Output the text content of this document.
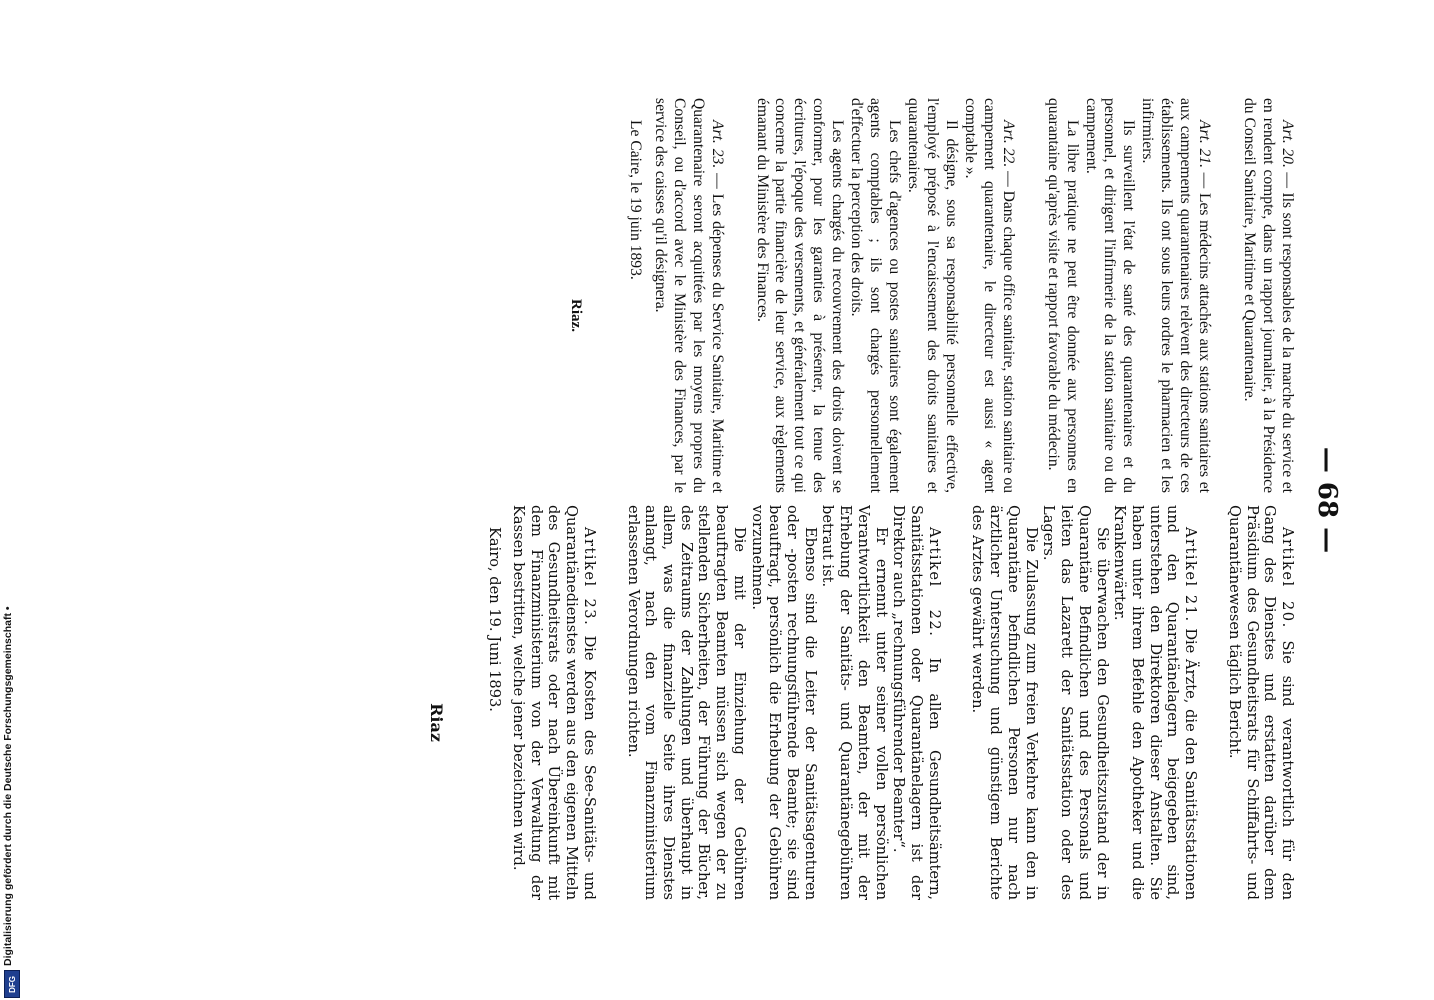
— 68 —

Artikel 20. Sie sind verantwortlich für den Gang des Dienstes und erstatten darüber dem Präsidium des Gesundheitsrats für Schiffahrts- und Quarantänewesen täglich Bericht.

Artikel 21. Die Ärzte, die den Sanitätsstationen und den Quarantänelagern beigegeben sind, unterstehen den Direktoren dieser Anstalten. Sie haben unter ihrem Befehle den Apotheker und die Krankenwärter.

Sie überwachen den Gesundheitszustand der in Quarantäne Befindlichen und des Personals und leiten das Lazarett der Sanitätsstation oder des Lagers.

Die Zulassung zum freien Verkehre kann den in Quarantäne befindlichen Personen nur nach ärztlicher Untersuchung und günstigem Berichte des Arztes gewährt werden.

Artikel 22. In allen Gesundheitsämtern, Sanitätsstationen oder Quarantänelagern ist der Direktor auch „rechnungsführender Beamter“.

Er ernennt unter seiner vollen persönlichen Verantwortlichkeit den Beamten, der mit der Erhebung der Sanitäts- und Quarantänegebühren betraut ist.

Ebenso sind die Leiter der Sanitätsagenturen oder -posten rechnungsführende Beamte; sie sind beauftragt, persönlich die Erhebung der Gebühren vorzunehmen.

Die mit der Einziehung der Gebühren beauftragten Beamten müssen sich wegen der zu stellenden Sicherheiten, der Führung der Bücher, des Zeitraums der Zahlungen und überhaupt in allem, was die finanzielle Seite ihres Dienstes anlangt, nach den vom Finanzministerium erlassenen Verordnungen richten.

Artikel 23. Die Kosten des See-Sanitäts- und Quarantänedienstes werden aus den eigenen Mitteln des Gesundheitsrats oder nach Übereinkunft mit dem Finanzministerium von der Verwaltung der Kassen bestritten, welche jener bezeichnen wird.

Kairo, den 19. Juni 1893.

Riaz

Art. 20. — Ils sont responsables de la marche du service et en rendent compte, dans un rapport journalier, à la Présidence du Conseil Sanitaire, Maritime et Quarantenaire.

Art. 21. — Les médecins attachés aux stations sanitaires et aux campements quarantenaires relèvent des directeurs de ces établissements. Ils ont sous leurs ordres le pharmacien et les infirmiers.

Ils surveillent l'état de santé des quarantenaires et du personnel, et dirigent l'infirmerie de la station sanitaire ou du campement.

La libre pratique ne peut être donnée aux personnes en quarantaine qu'après visite et rapport favorable du médecin.

Art. 22. — Dans chaque office sanitaire, station sanitaire ou campement quarantenaire, le directeur est aussi « agent comptable ».

Il désigne, sous sa responsabilité personnelle effective, l'employé préposé à l'encaissement des droits sanitaires et quarantenaires.

Les chefs d'agences ou postes sanitaires sont également agents comptables ; ils sont chargés personnellement d'effectuer la perception des droits.

Les agents chargés du recouvrement des droits doivent se conformer, pour les garanties à présenter, la tenue des écritures, l'époque des versements, et généralement tout ce qui concerne la partie financière de leur service, aux règlements émanant du Ministère des Finances.

Art. 23. — Les dépenses du Service Sanitaire, Maritime et Quarantenaire seront acquittées par les moyens propres du Conseil, ou d'accord avec le Ministère des Finances, par le service des caisses qu'il désignera.

Le Caire, le 19 juin 1893.

Riaz.
Digitalisierung gefördert durch die Deutsche Forschungsgemeinschaft •
DFG
